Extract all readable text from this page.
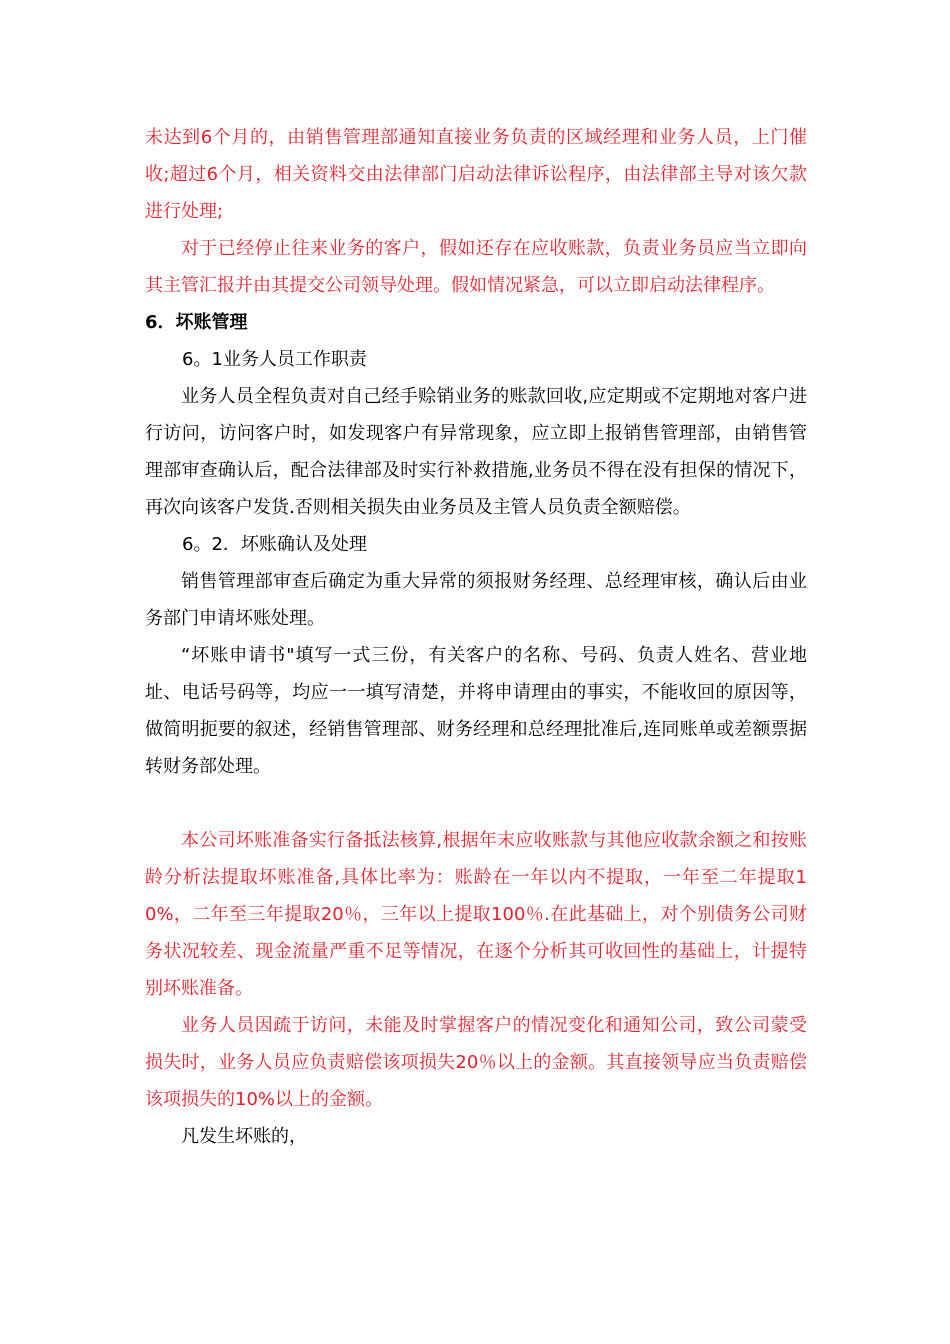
未达到6个月的，由销售管理部通知直接业务负责的区域经理和业务人员，上门催收;超过6个月，相关资料交由法律部门启动法律诉讼程序，由法律部主导对该欠款进行处理;

对于已经停止往来业务的客户，假如还存在应收账款，负责业务员应当立即向其主管汇报并由其提交公司领导处理。假如情况紧急，可以立即启动法律程序。

6．坏账管理

6。1业务人员工作职责

业务人员全程负责对自己经手赊销业务的账款回收,应定期或不定期地对客户进行访问，访问客户时，如发现客户有异常现象，应立即上报销售管理部，由销售管理部审查确认后，配合法律部及时实行补救措施,业务员不得在没有担保的情况下，再次向该客户发货.否则相关损失由业务员及主管人员负责全额赔偿。

6。2．坏账确认及处理

销售管理部审查后确定为重大异常的须报财务经理、总经理审核，确认后由业务部门申请坏账处理。

“坏账申请书"填写一式三份，有关客户的名称、号码、负责人姓名、营业地址、电话号码等，均应一一填写清楚，并将申请理由的事实，不能收回的原因等，做简明扼要的叙述，经销售管理部、财务经理和总经理批准后,连同账单或差额票据转财务部处理。

本公司坏账准备实行备抵法核算,根据年末应收账款与其他应收款余额之和按账龄分析法提取坏账准备,具体比率为：账龄在一年以内不提取，一年至二年提取10%，二年至三年提取20％，三年以上提取100％.在此基础上，对个别债务公司财务状况较差、现金流量严重不足等情况，在逐个分析其可收回性的基础上，计提特别坏账准备。

业务人员因疏于访问，未能及时掌握客户的情况变化和通知公司，致公司蒙受损失时，业务人员应负责赔偿该项损失20％以上的金额。其直接领导应当负责赔偿该项损失的10%以上的金额。

凡发生坏账的，
